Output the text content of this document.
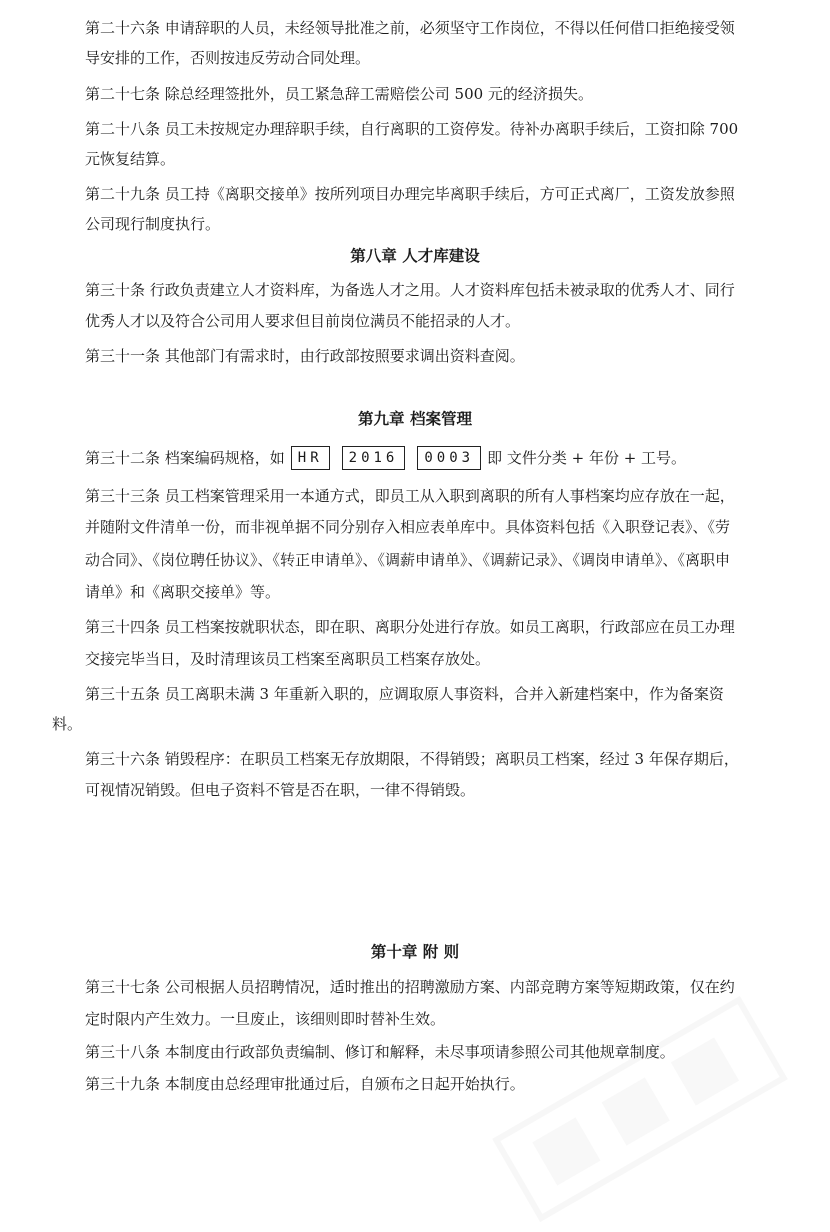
第二十六条 申请辞职的人员，未经领导批准之前，必须坚守工作岗位，不得以任何借口拒绝接受领
导安排的工作，否则按违反劳动合同处理。
第二十七条 除总经理签批外，员工紧急辞工需赔偿公司 500 元的经济损失。
第二十八条 员工未按规定办理辞职手续，自行离职的工资停发。待补办离职手续后，工资扣除 700
元恢复结算。
第二十九条 员工持《离职交接单》按所列项目办理完毕离职手续后，方可正式离厂，工资发放参照
公司现行制度执行。
第八章 人才库建设
第三十条 行政负责建立人才资料库，为备选人才之用。人才资料库包括未被录取的优秀人才、同行
优秀人才以及符合公司用人要求但目前岗位满员不能招录的人才。
第三十一条 其他部门有需求时，由行政部按照要求调出资料查阅。
第九章 档案管理
第三十二条 档案编码规格，如 HR	2016	0003 即 文件分类 + 年份 + 工号。
第三十三条 员工档案管理采用一本通方式，即员工从入职到离职的所有人事档案均应存放在一起，
并随附文件清单一份，而非视单据不同分别存入相应表单库中。具体资料包括《入职登记表》、《劳
动合同》、《岗位聘任协议》、《转正申请单》、《调薪申请单》、《调薪记录》、《调岗申请单》、《离职申
请单》和《离职交接单》等。
第三十四条 员工档案按就职状态，即在职、离职分处进行存放。如员工离职，行政部应在员工办理
交接完毕当日，及时清理该员工档案至离职员工档案存放处。
第三十五条 员工离职未满 3 年重新入职的，应调取原人事资料，合并入新建档案中，作为备案资
料。
第三十六条 销毁程序：在职员工档案无存放期限，不得销毁；离职员工档案，经过 3 年保存期后，
可视情况销毁。但电子资料不管是否在职，一律不得销毁。
第十章 附 则
第三十七条 公司根据人员招聘情况，适时推出的招聘激励方案、内部竞聘方案等短期政策，仅在约
定时限内产生效力。一旦废止，该细则即时替补生效。
第三十八条 本制度由行政部负责编制、修订和解释，未尽事项请参照公司其他规章制度。
第三十九条 本制度由总经理审批通过后，自颁布之日起开始执行。
